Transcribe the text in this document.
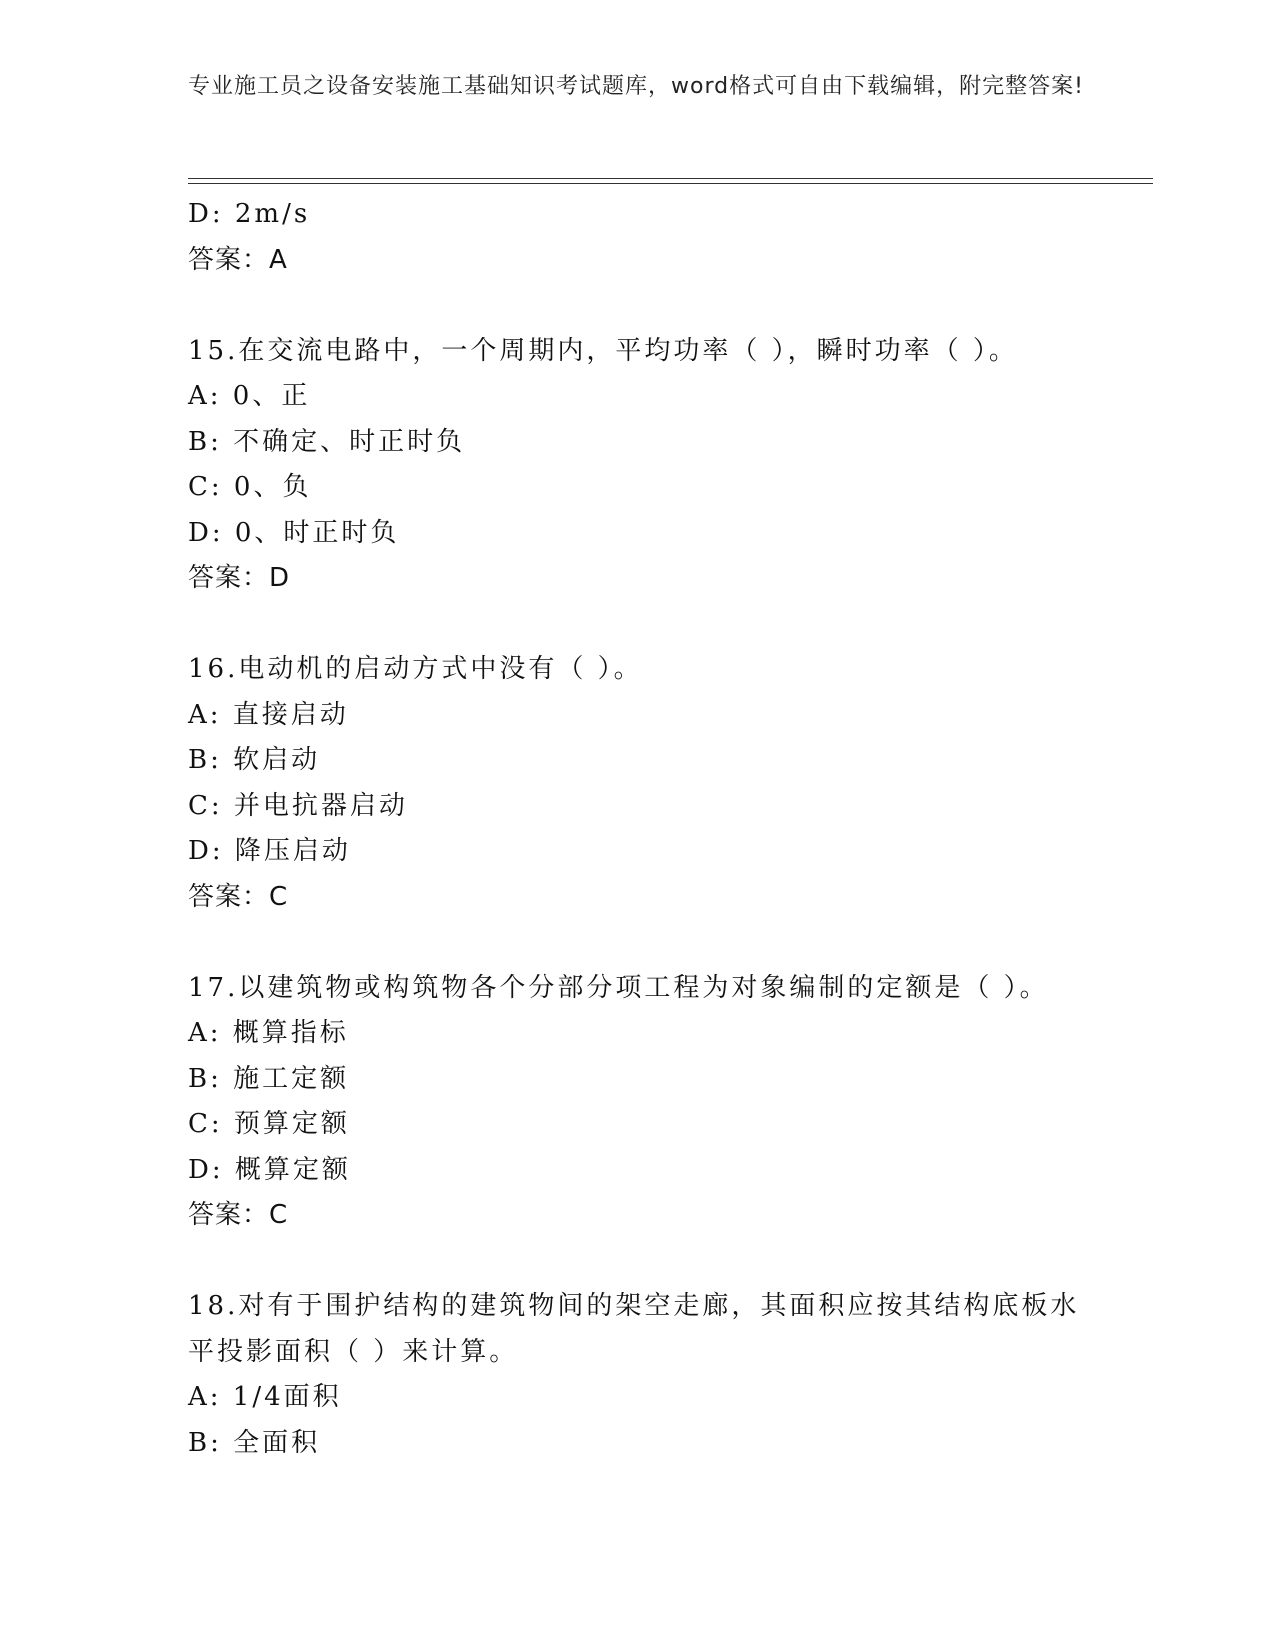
专业施工员之设备安装施工基础知识考试题库，word格式可自由下载编辑，附完整答案!
D: 2m/s
答案：A
15.在交流电路中，一个周期内，平均功率（ ），瞬时功率（ ）。
A: 0、正
B: 不确定、时正时负
C: 0、负
D: 0、时正时负
答案：D
16.电动机的启动方式中没有（ ）。
A: 直接启动
B: 软启动
C: 并电抗器启动
D: 降压启动
答案：C
17.以建筑物或构筑物各个分部分项工程为对象编制的定额是（ ）。
A: 概算指标
B: 施工定额
C: 预算定额
D: 概算定额
答案：C
18.对有于围护结构的建筑物间的架空走廊，其面积应按其结构底板水平投影面积（ ）来计算。
A: 1/4面积
B: 全面积
